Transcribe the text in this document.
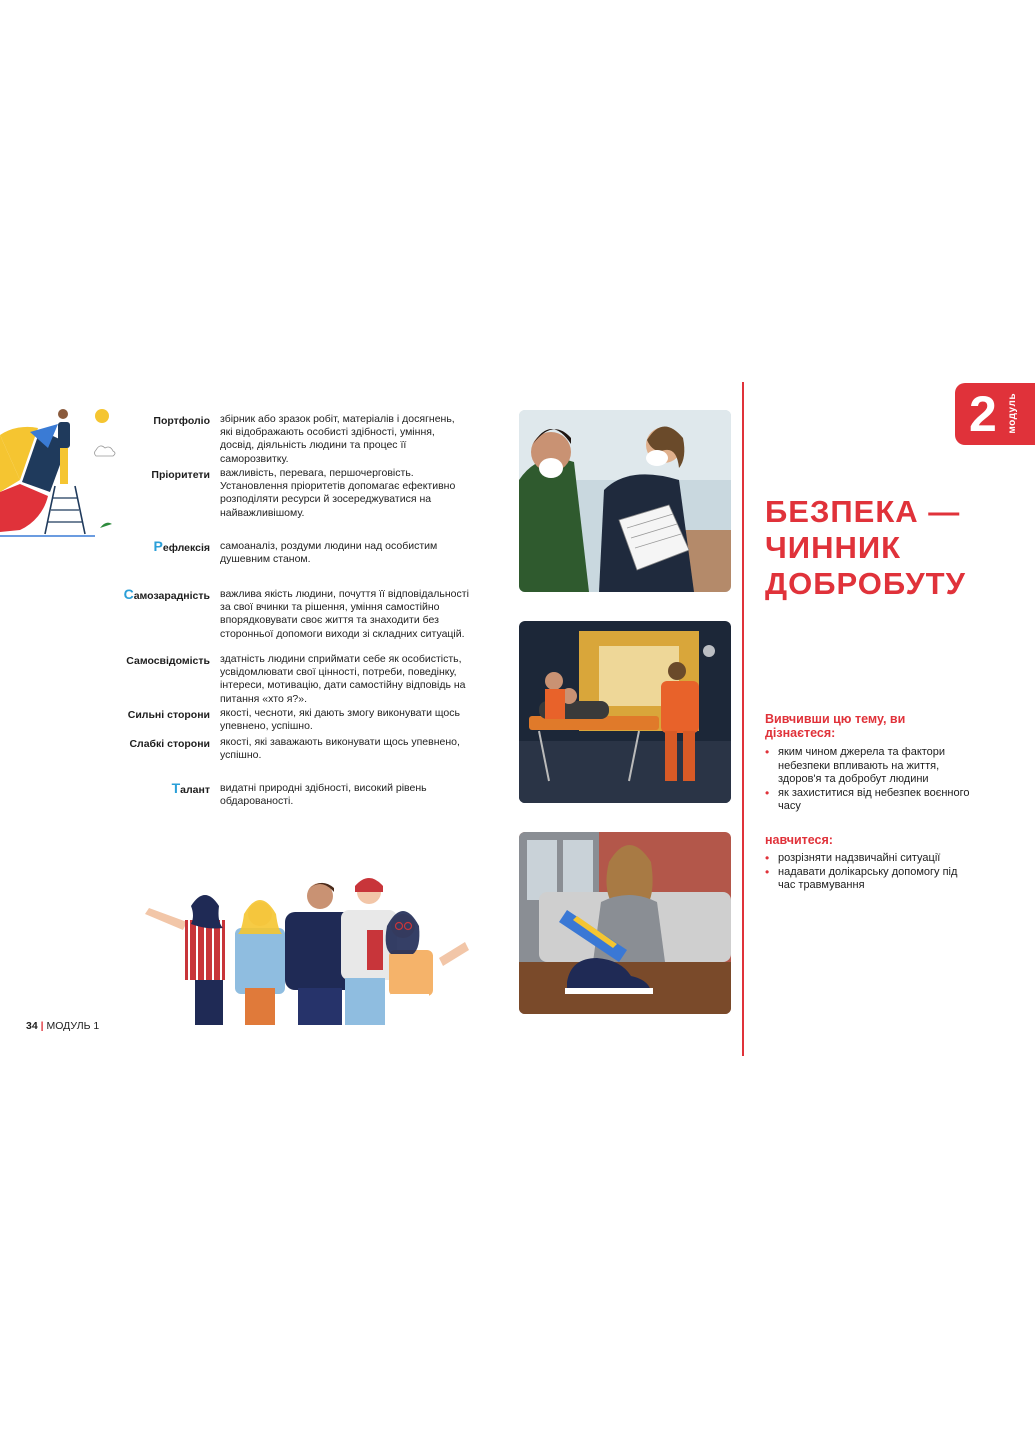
Портфоліо збірник або зразок робіт, матеріалів і досягнень, які відображають особисті здібності, уміння, досвід, діяльність людини та процес її саморозвитку.
Пріоритети важливість, перевага, першочерговість. Установлення пріоритетів допомагає ефективно розподіляти ресурси й зосереджуватися на найважливішому.
Рефлексія самоаналіз, роздуми людини над особистим душевним станом.
Самозарадність важлива якість людини, почуття її відповідальності за свої вчинки та рішення, уміння самостійно впорядковувати своє життя та знаходити без сторонньої допомоги виходи зі складних ситуацій.
Самосвідомість здатність людини сприймати себе як особистість, усвідомлювати свої цінності, потреби, поведінку, інтереси, мотивацію, дати самостійну відповідь на питання «хто я?».
Сильні сторони якості, чесноти, які дають змогу виконувати щось упевнено, успішно.
Слабкі сторони якості, які заважають виконувати щось упевнено, успішно.
Талант видатні природні здібності, високий рівень обдарованості.
34 | МОДУЛЬ 1
2 модуль
БЕЗПЕКА — ЧИННИК ДОБРОБУТУ
Вивчивши цю тему, ви дізнаєтеся:
• яким чином джерела та фактори небезпеки впливають на життя, здоров'я та добробут людини
• як захиститися від небезпек воєнного часу
навчитеся:
• розрізняти надзвичайні ситуації
• надавати долікарську допомогу під час травмування
